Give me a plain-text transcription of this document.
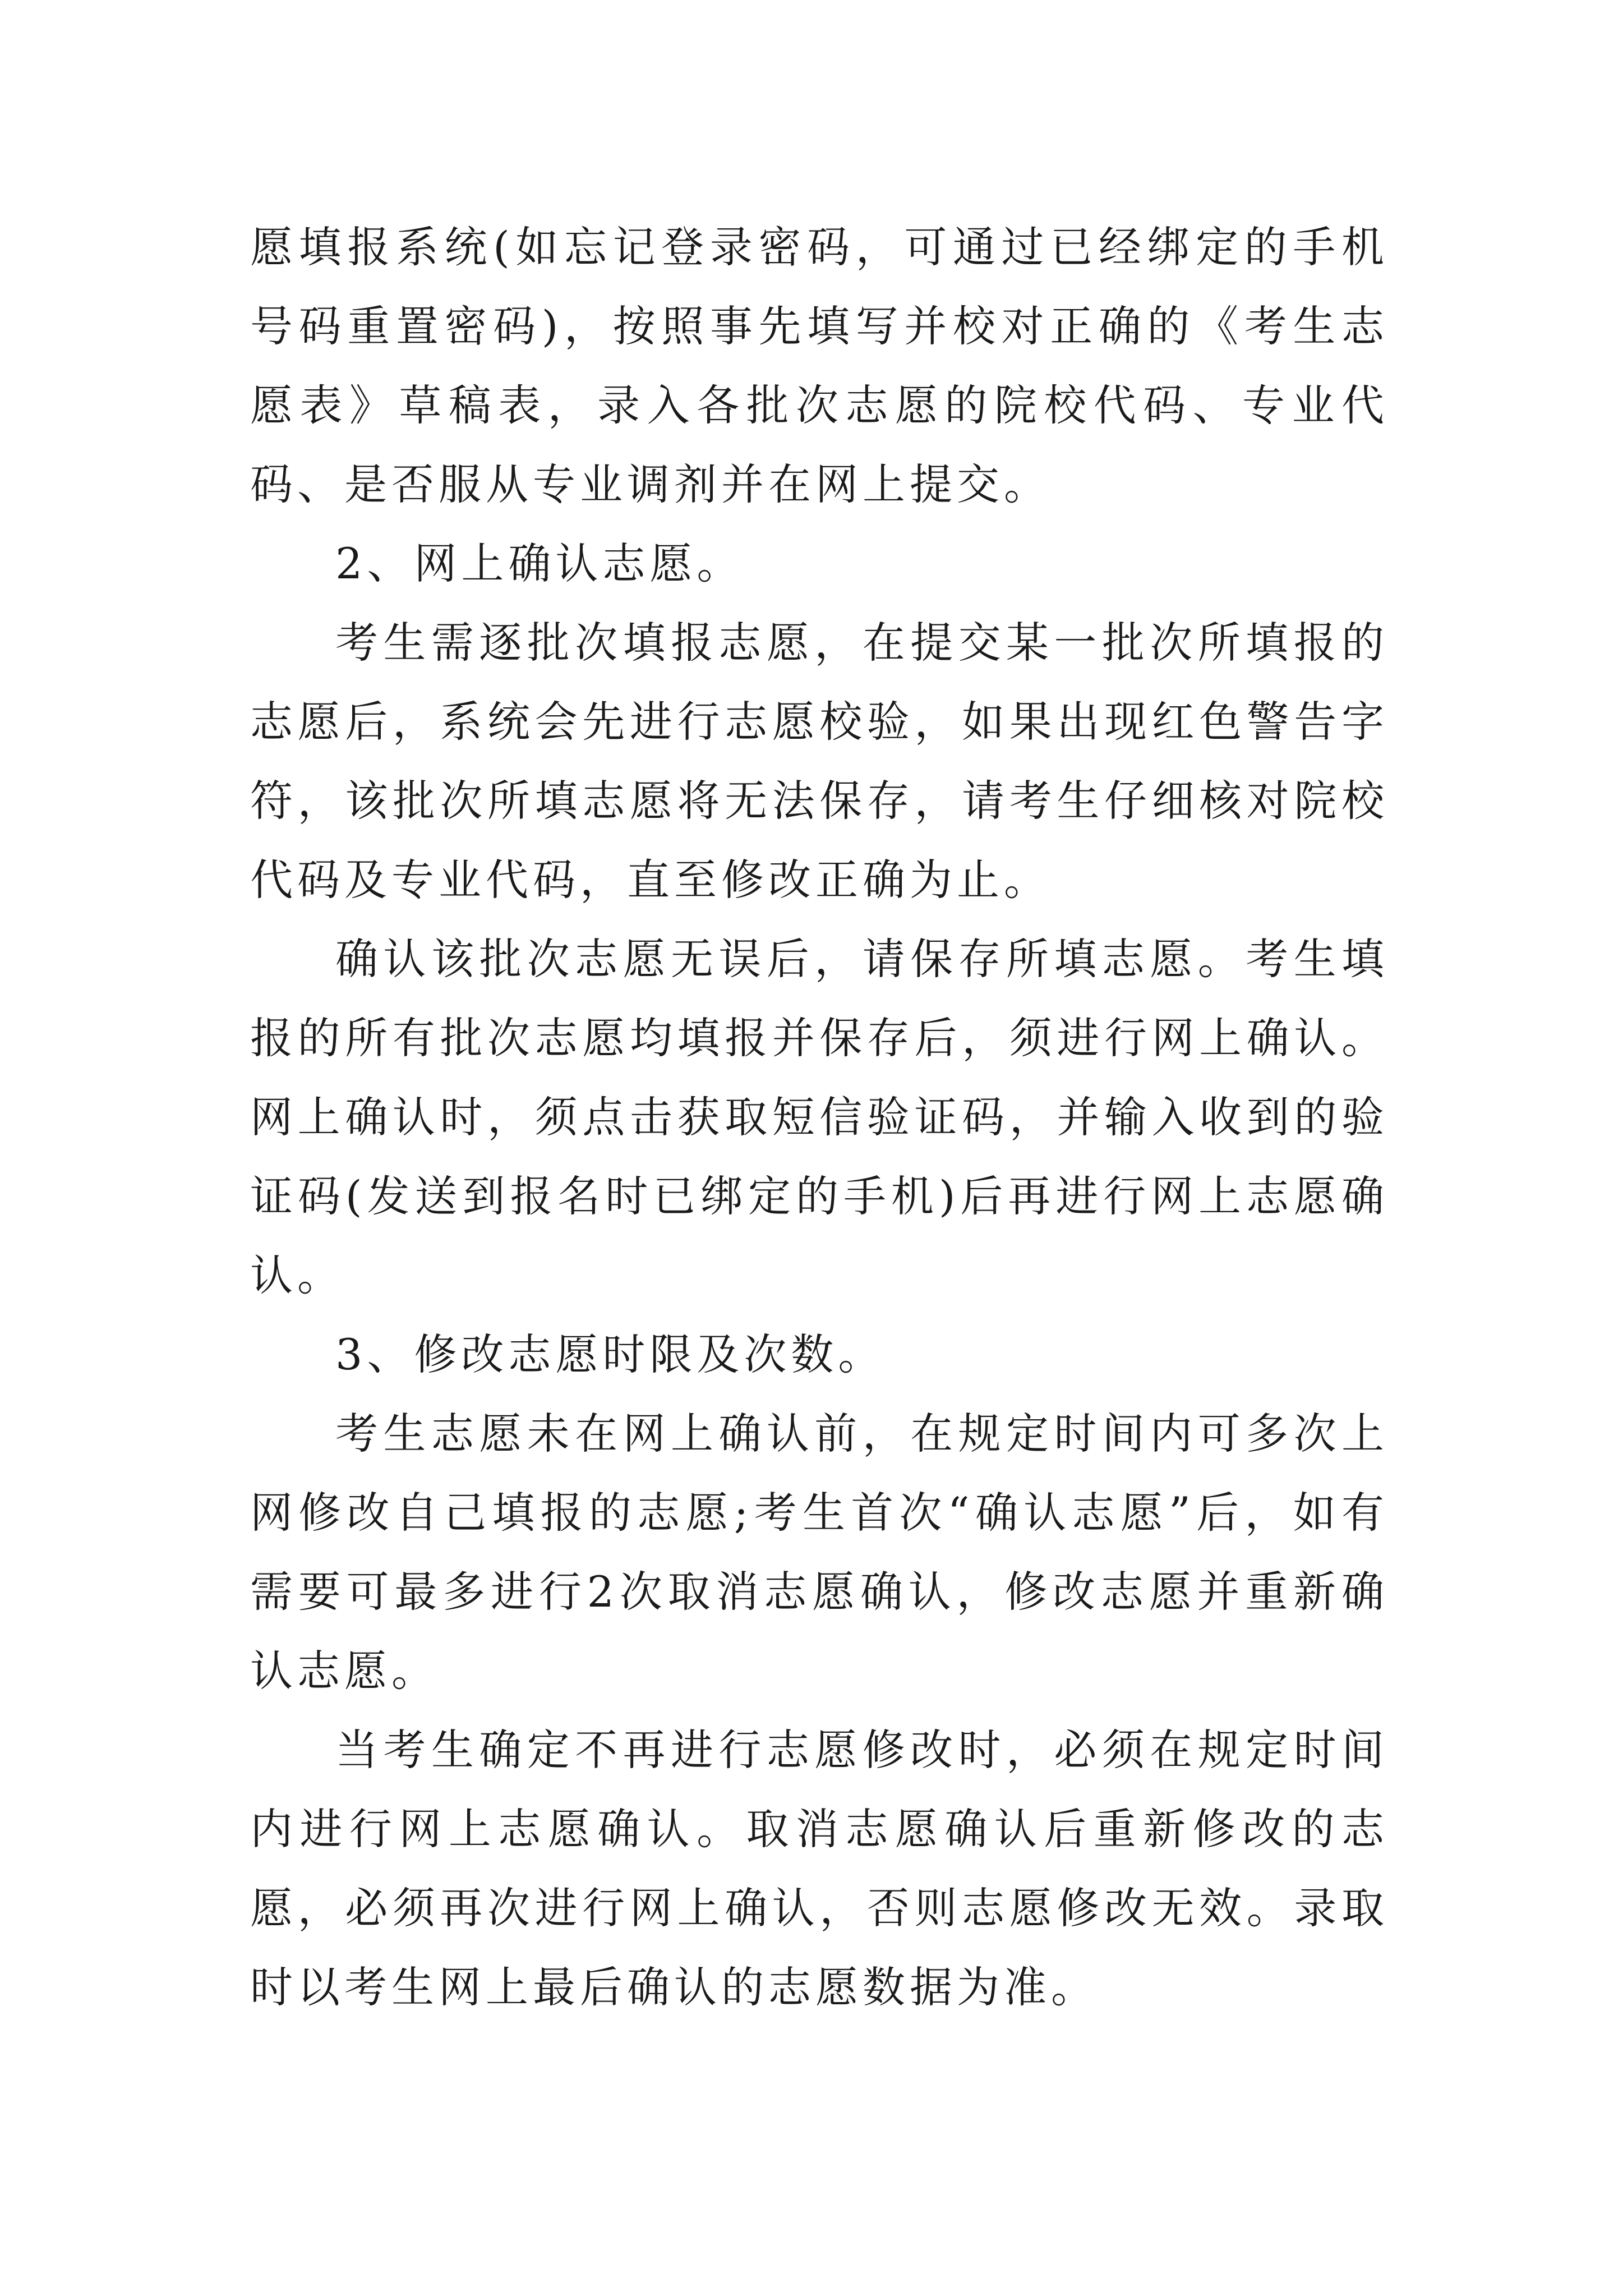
愿填报系统(如忘记登录密码，可通过已经绑定的手机号码重置密码)，按照事先填写并校对正确的《考生志愿表》草稿表，录入各批次志愿的院校代码、专业代码、是否服从专业调剂并在网上提交。

2、网上确认志愿。

考生需逐批次填报志愿，在提交某一批次所填报的志愿后，系统会先进行志愿校验，如果出现红色警告字符，该批次所填志愿将无法保存，请考生仔细核对院校代码及专业代码，直至修改正确为止。

确认该批次志愿无误后，请保存所填志愿。考生填报的所有批次志愿均填报并保存后，须进行网上确认。网上确认时，须点击获取短信验证码，并输入收到的验证码(发送到报名时已绑定的手机)后再进行网上志愿确认。

3、修改志愿时限及次数。

考生志愿未在网上确认前，在规定时间内可多次上网修改自己填报的志愿;考生首次“确认志愿”后，如有需要可最多进行2次取消志愿确认，修改志愿并重新确认志愿。

当考生确定不再进行志愿修改时，必须在规定时间内进行网上志愿确认。取消志愿确认后重新修改的志愿，必须再次进行网上确认，否则志愿修改无效。录取时以考生网上最后确认的志愿数据为准。
